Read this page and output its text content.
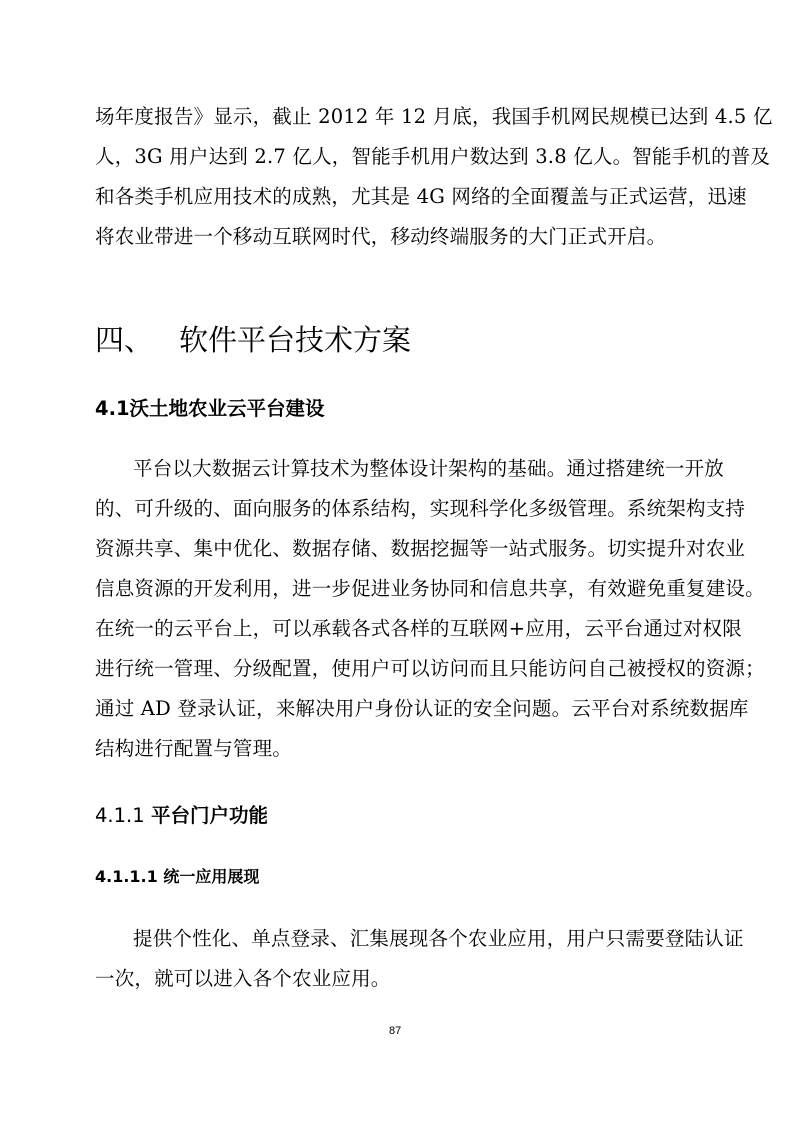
场年度报告》显示，截止 2012 年 12 月底，我国手机网民规模已达到 4.5 亿
人，3G 用户达到 2.7 亿人，智能手机用户数达到 3.8 亿人。智能手机的普及
和各类手机应用技术的成熟，尤其是 4G 网络的全面覆盖与正式运营，迅速
将农业带进一个移动互联网时代，移动终端服务的大门正式开启。
四、 软件平台技术方案
4.1沃土地农业云平台建设
平台以大数据云计算技术为整体设计架构的基础。通过搭建统一开放
的、可升级的、面向服务的体系结构，实现科学化多级管理。系统架构支持
资源共享、集中优化、数据存储、数据挖掘等一站式服务。切实提升对农业
信息资源的开发利用，进一步促进业务协同和信息共享，有效避免重复建设。
在统一的云平台上，可以承载各式各样的互联网+应用，云平台通过对权限
进行统一管理、分级配置，使用户可以访问而且只能访问自己被授权的资源；
通过 AD 登录认证，来解决用户身份认证的安全问题。云平台对系统数据库
结构进行配置与管理。
4.1.1 平台门户功能
4.1.1.1 统一应用展现
提供个性化、单点登录、汇集展现各个农业应用，用户只需要登陆认证
一次，就可以进入各个农业应用。
87
